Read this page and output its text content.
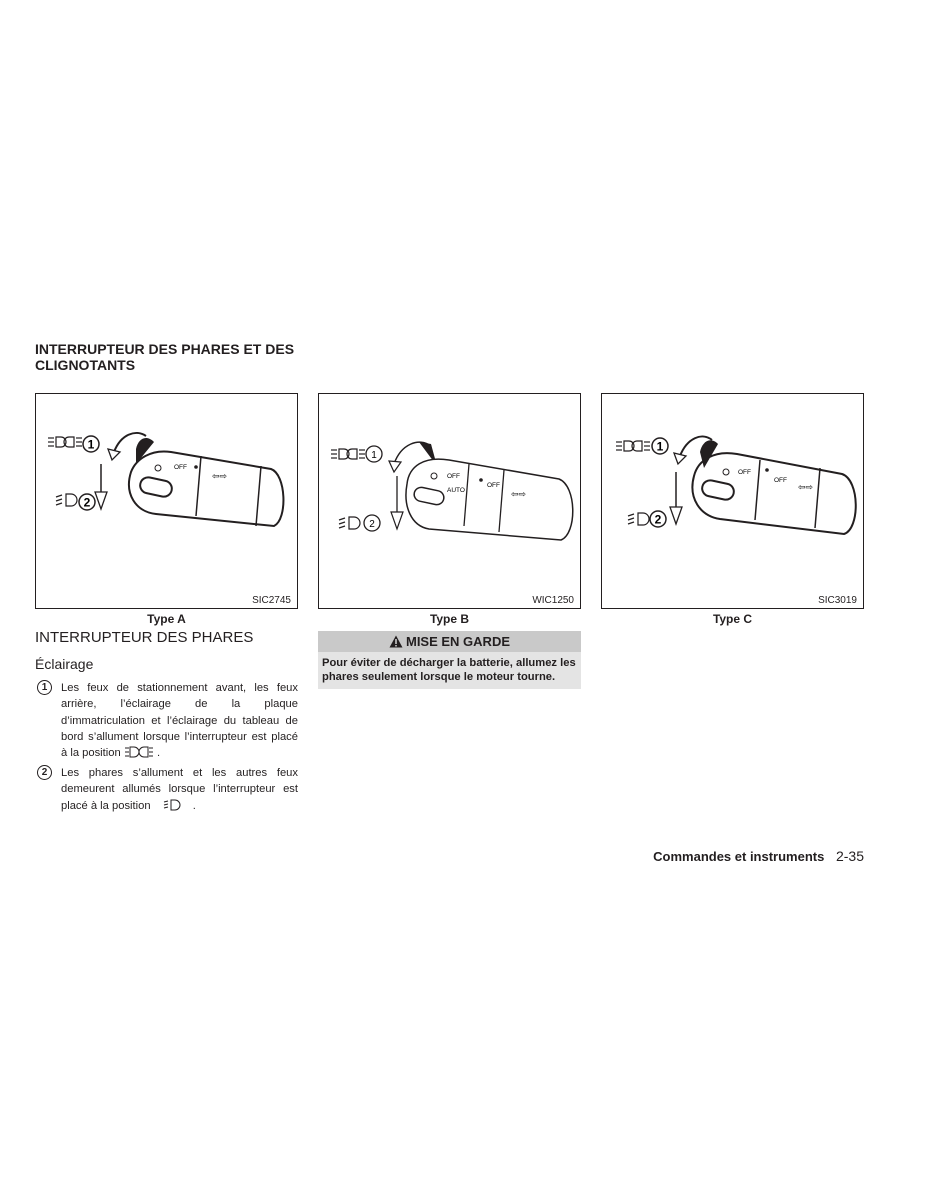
INTERRUPTEUR DES PHARES ET DES CLIGNOTANTS
1
2
OFF
⇦⇨
SIC2745
Type A
1
2
OFF
AUTO
OFF
⇦⇨
WIC1250
Type B
1
2
OFF
OFF
⇦⇨
SIC3019
Type C
INTERRUPTEUR DES PHARES
Éclairage
1	Les feux de stationnement avant, les feux arrière, l’éclairage de la plaque d’immatriculation et l’éclairage du tableau de bord s’allument lorsque l’interrupteur est placé à la position	.
2	Les phares s’allument et les autres feux demeurent allumés lorsque l’interrupteur est placé à la position	.
MISE EN GARDE
Pour éviter de décharger la batterie, allumez les phares seulement lorsque le moteur tourne.
Commandes et instruments 2-35
